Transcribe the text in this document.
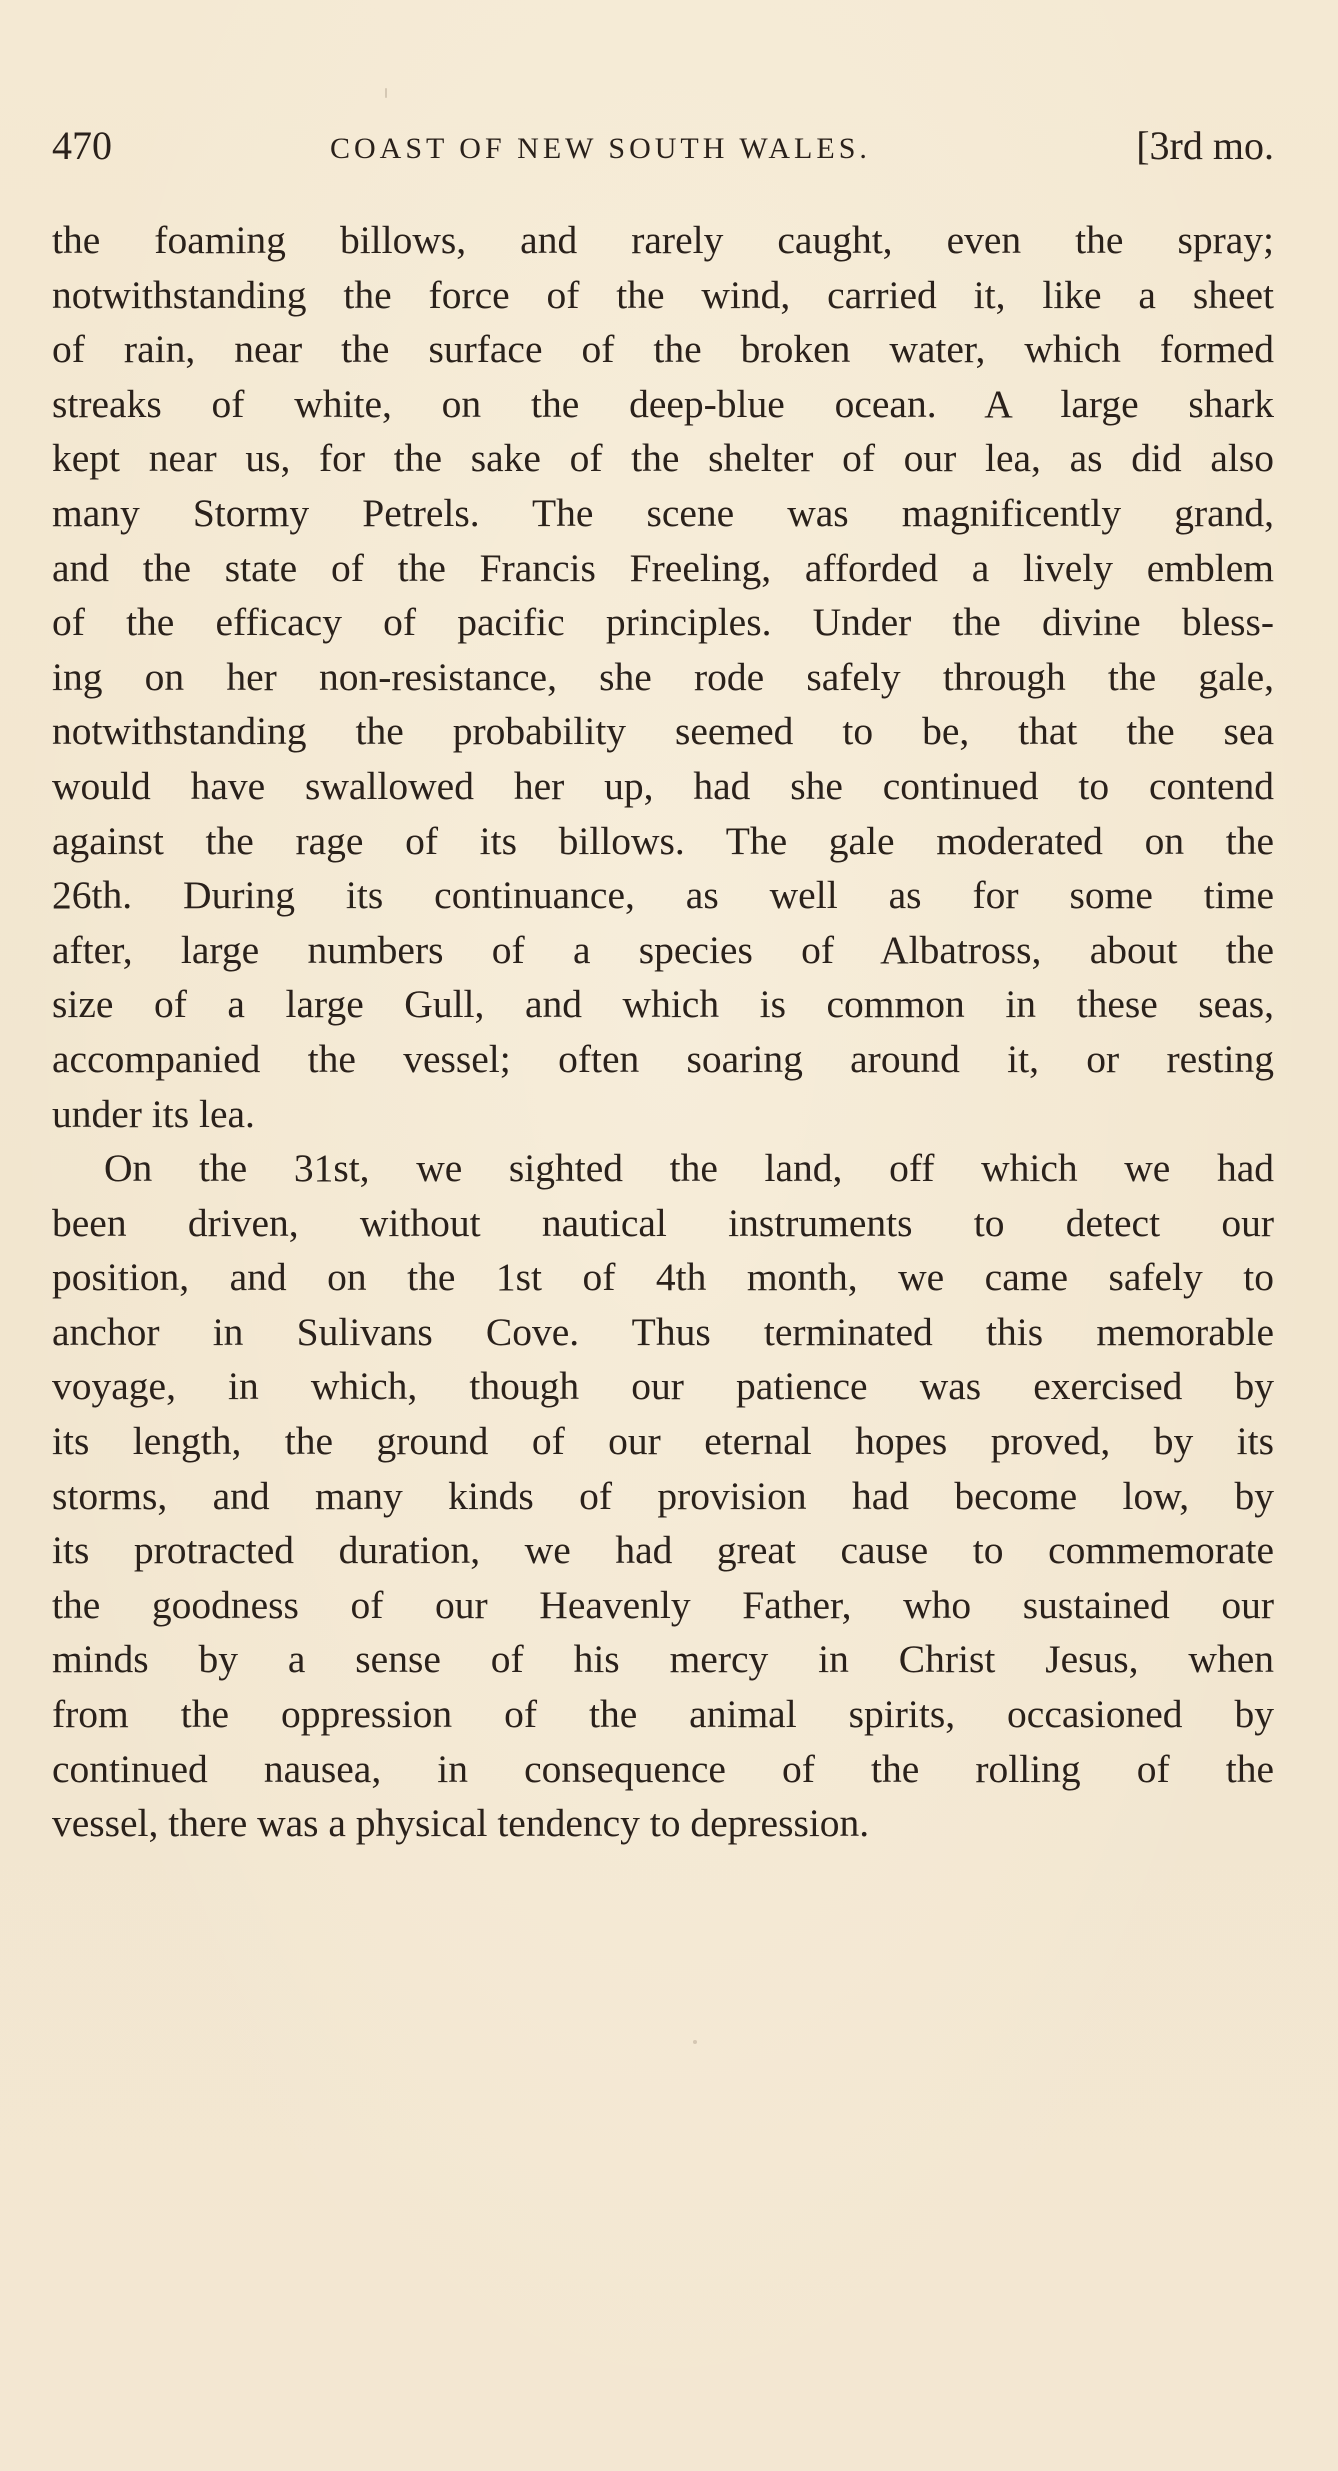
470	COAST OF NEW SOUTH WALES.	[3rd mo.
the foaming billows, and rarely caught, even the spray;
notwithstanding the force of the wind, carried it, like a sheet
of rain, near the surface of the broken water, which formed
streaks of white, on the deep-blue ocean. A large shark
kept near us, for the sake of the shelter of our lea, as did also
many Stormy Petrels. The scene was magnificently grand,
and the state of the Francis Freeling, afforded a lively emblem
of the efficacy of pacific principles. Under the divine bless-
ing on her non-resistance, she rode safely through the gale,
notwithstanding the probability seemed to be, that the sea
would have swallowed her up, had she continued to contend
against the rage of its billows. The gale moderated on the
26th. During its continuance, as well as for some time
after, large numbers of a species of Albatross, about the
size of a large Gull, and which is common in these seas,
accompanied the vessel; often soaring around it, or resting
under its lea.
On the 31st, we sighted the land, off which we had
been driven, without nautical instruments to detect our
position, and on the 1st of 4th month, we came safely to
anchor in Sulivans Cove. Thus terminated this memorable
voyage, in which, though our patience was exercised by
its length, the ground of our eternal hopes proved, by its
storms, and many kinds of provision had become low, by
its protracted duration, we had great cause to commemorate
the goodness of our Heavenly Father, who sustained our
minds by a sense of his mercy in Christ Jesus, when
from the oppression of the animal spirits, occasioned by
continued nausea, in consequence of the rolling of the
vessel, there was a physical tendency to depression.
